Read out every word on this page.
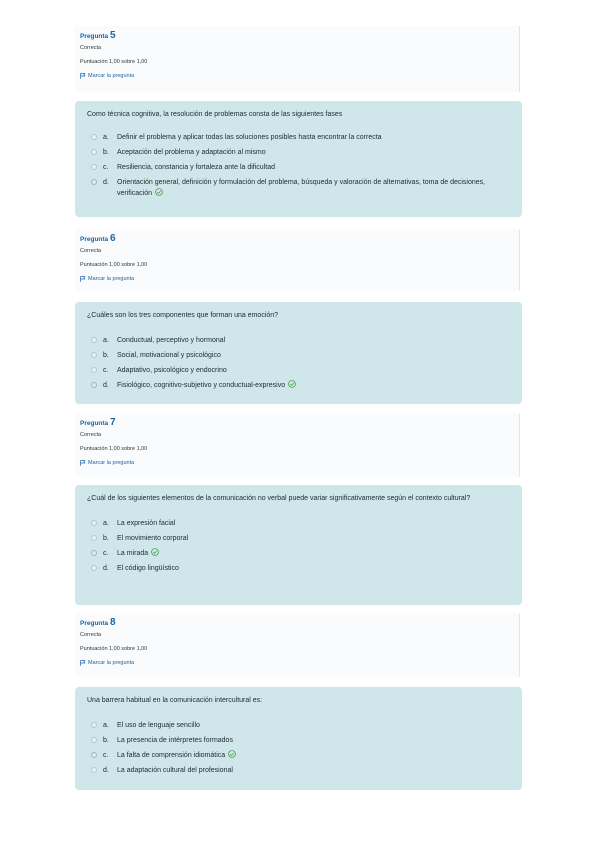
Pregunta 5
Correcta
Puntuación 1,00 sobre 1,00
Marcar la pregunta
Como técnica cognitiva, la resolución de problemas consta de las siguientes fases
a.	Definir el problema y aplicar todas las soluciones posibles hasta encontrar la correcta
b.	Aceptación del problema y adaptación al mismo
c.	Resiliencia, constancia y fortaleza ante la dificultad
d.	Orientación general, definición y formulación del problema, búsqueda y valoración de alternativas, toma de decisiones, verificación
Pregunta 6
Correcta
Puntuación 1,00 sobre 1,00
Marcar la pregunta
¿Cuáles son los tres componentes que forman una emoción?
a.	Conductual, perceptivo y hormonal
b.	Social, motivacional y psicológico
c.	Adaptativo, psicológico y endocrino
d.	Fisiológico, cognitivo-subjetivo y conductual-expresivo
Pregunta 7
Correcta
Puntuación 1,00 sobre 1,00
Marcar la pregunta
¿Cuál de los siguientes elementos de la comunicación no verbal puede variar significativamente según el contexto cultural?
a.	La expresión facial
b.	El movimiento corporal
c.	La mirada
d.	El código lingüístico
Pregunta 8
Correcta
Puntuación 1,00 sobre 1,00
Marcar la pregunta
Una barrera habitual en la comunicación intercultural es:
a.	El uso de lenguaje sencillo
b.	La presencia de intérpretes formados
c.	La falta de comprensión idiomática
d.	La adaptación cultural del profesional
